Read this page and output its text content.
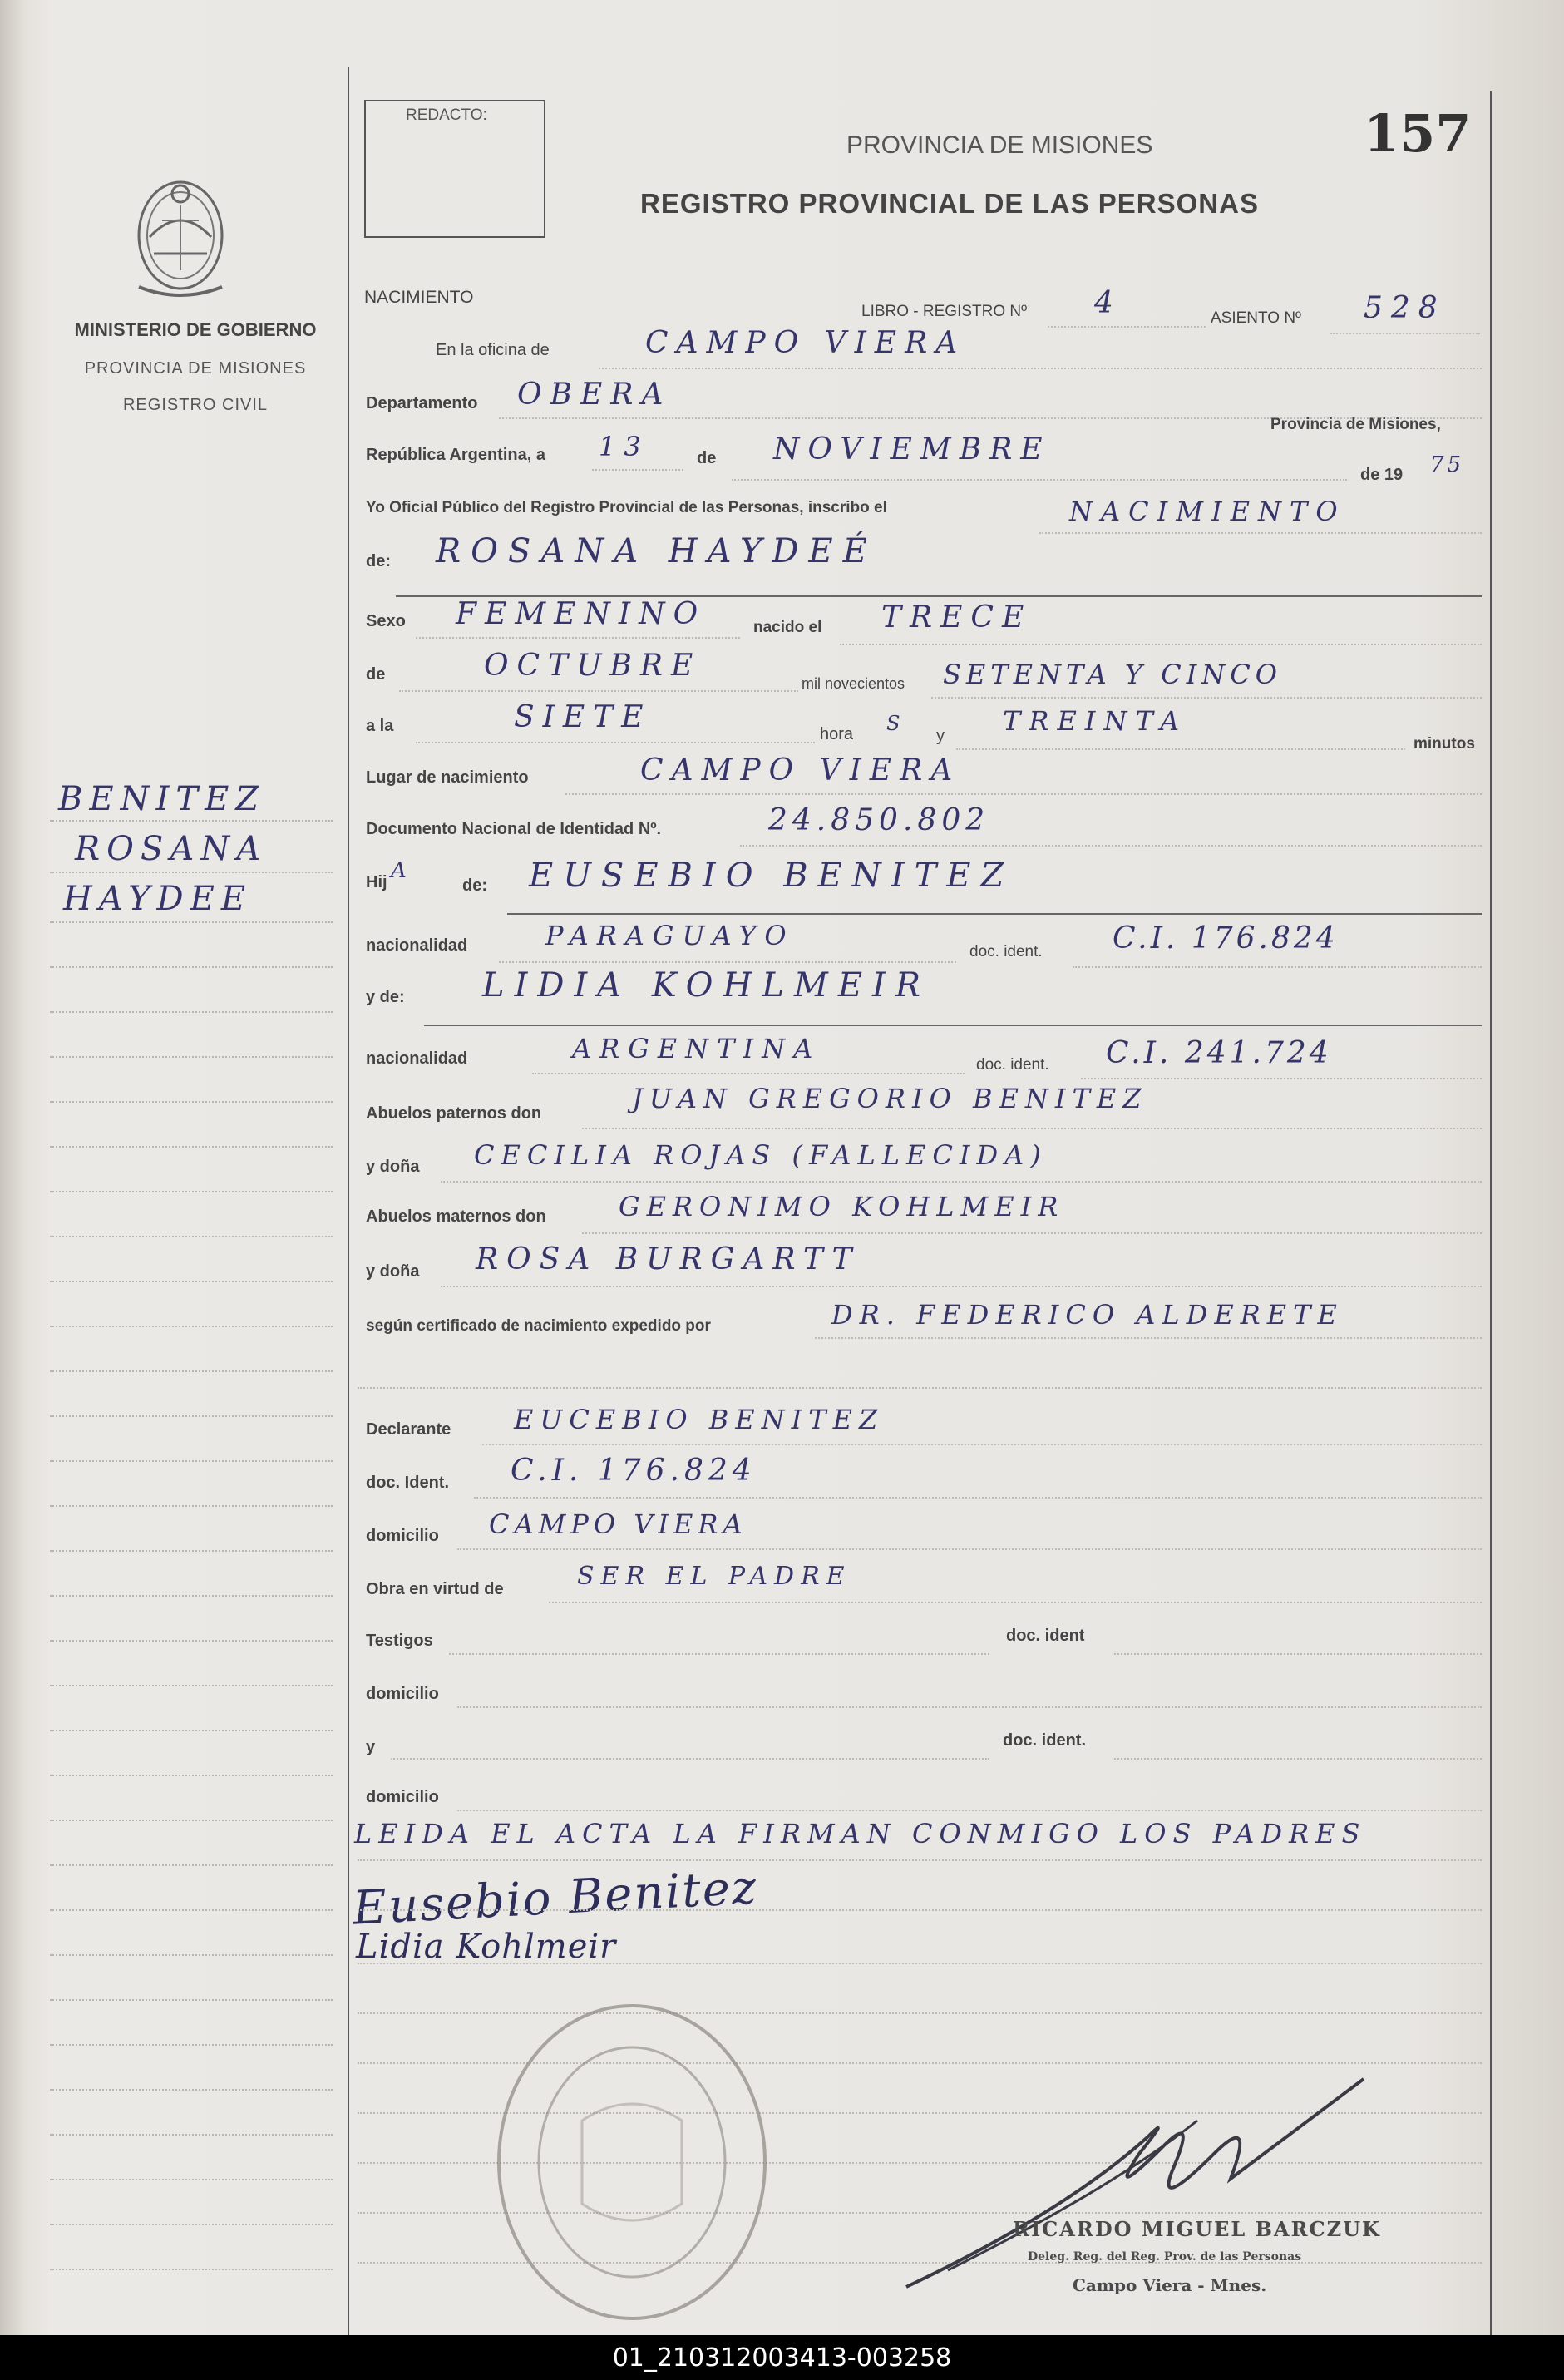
MINISTERIO DE GOBIERNO
PROVINCIA DE MISIONES
REGISTRO CIVIL
BENITEZ
ROSANA
HAYDEE
REDACTO:
PROVINCIA DE MISIONES
REGISTRO PROVINCIAL DE LAS PERSONAS
157
NACIMIENTO
LIBRO - REGISTRO Nº 4	ASIENTO Nº 528
En la oficina de	CAMPO VIERA
Departamento OBERA
Provincia de Misiones,
República Argentina, a 13	de NOVIEMBRE
de 19 75
Yo Oficial Público del Registro Provincial de las Personas, inscribo el	NACIMIENTO
de: ROSANA HAYDEÉ
Sexo FEMENINO	nacido el TRECE
de	OCTUBRE
mil novecientos SETENTA Y CINCO
a la	SIETE	hora S
y TREINTA
minutos
Lugar de nacimiento	CAMPO VIERA
Documento Nacional de Identidad Nº.	24.850.802
Hij A
de: EUSEBIO BENITEZ
nacionalidad	PARAGUAYO
doc. ident. C.I. 176.824
y de: LIDIA KOHLMEIR
nacionalidad	ARGENTINA
doc. ident. C.I. 241.724
Abuelos paternos don	JUAN GREGORIO BENITEZ
y doña CECILIA ROJAS (FALLECIDA)
Abuelos maternos don	GERONIMO KOHLMEIR
y doña ROSA BURGARTT
según certificado de nacimiento expedido por	DR. FEDERICO ALDERETE
Declarante EUCEBIO BENITEZ
doc. Ident. C.I. 176.824
domicilio CAMPO VIERA
Obra en virtud de	SER EL PADRE
Testigos	doc. ident
domicilio
y	doc. ident.
domicilio
LEIDA EL ACTA LA FIRMAN CONMIGO LOS PADRES
Eusebio Benitez
Lidia Kohlmeir
RICARDO MIGUEL BARCZUK
Deleg. Reg. del Reg. Prov. de las Personas
Campo Viera - Mnes.
01_210312003413-003258
